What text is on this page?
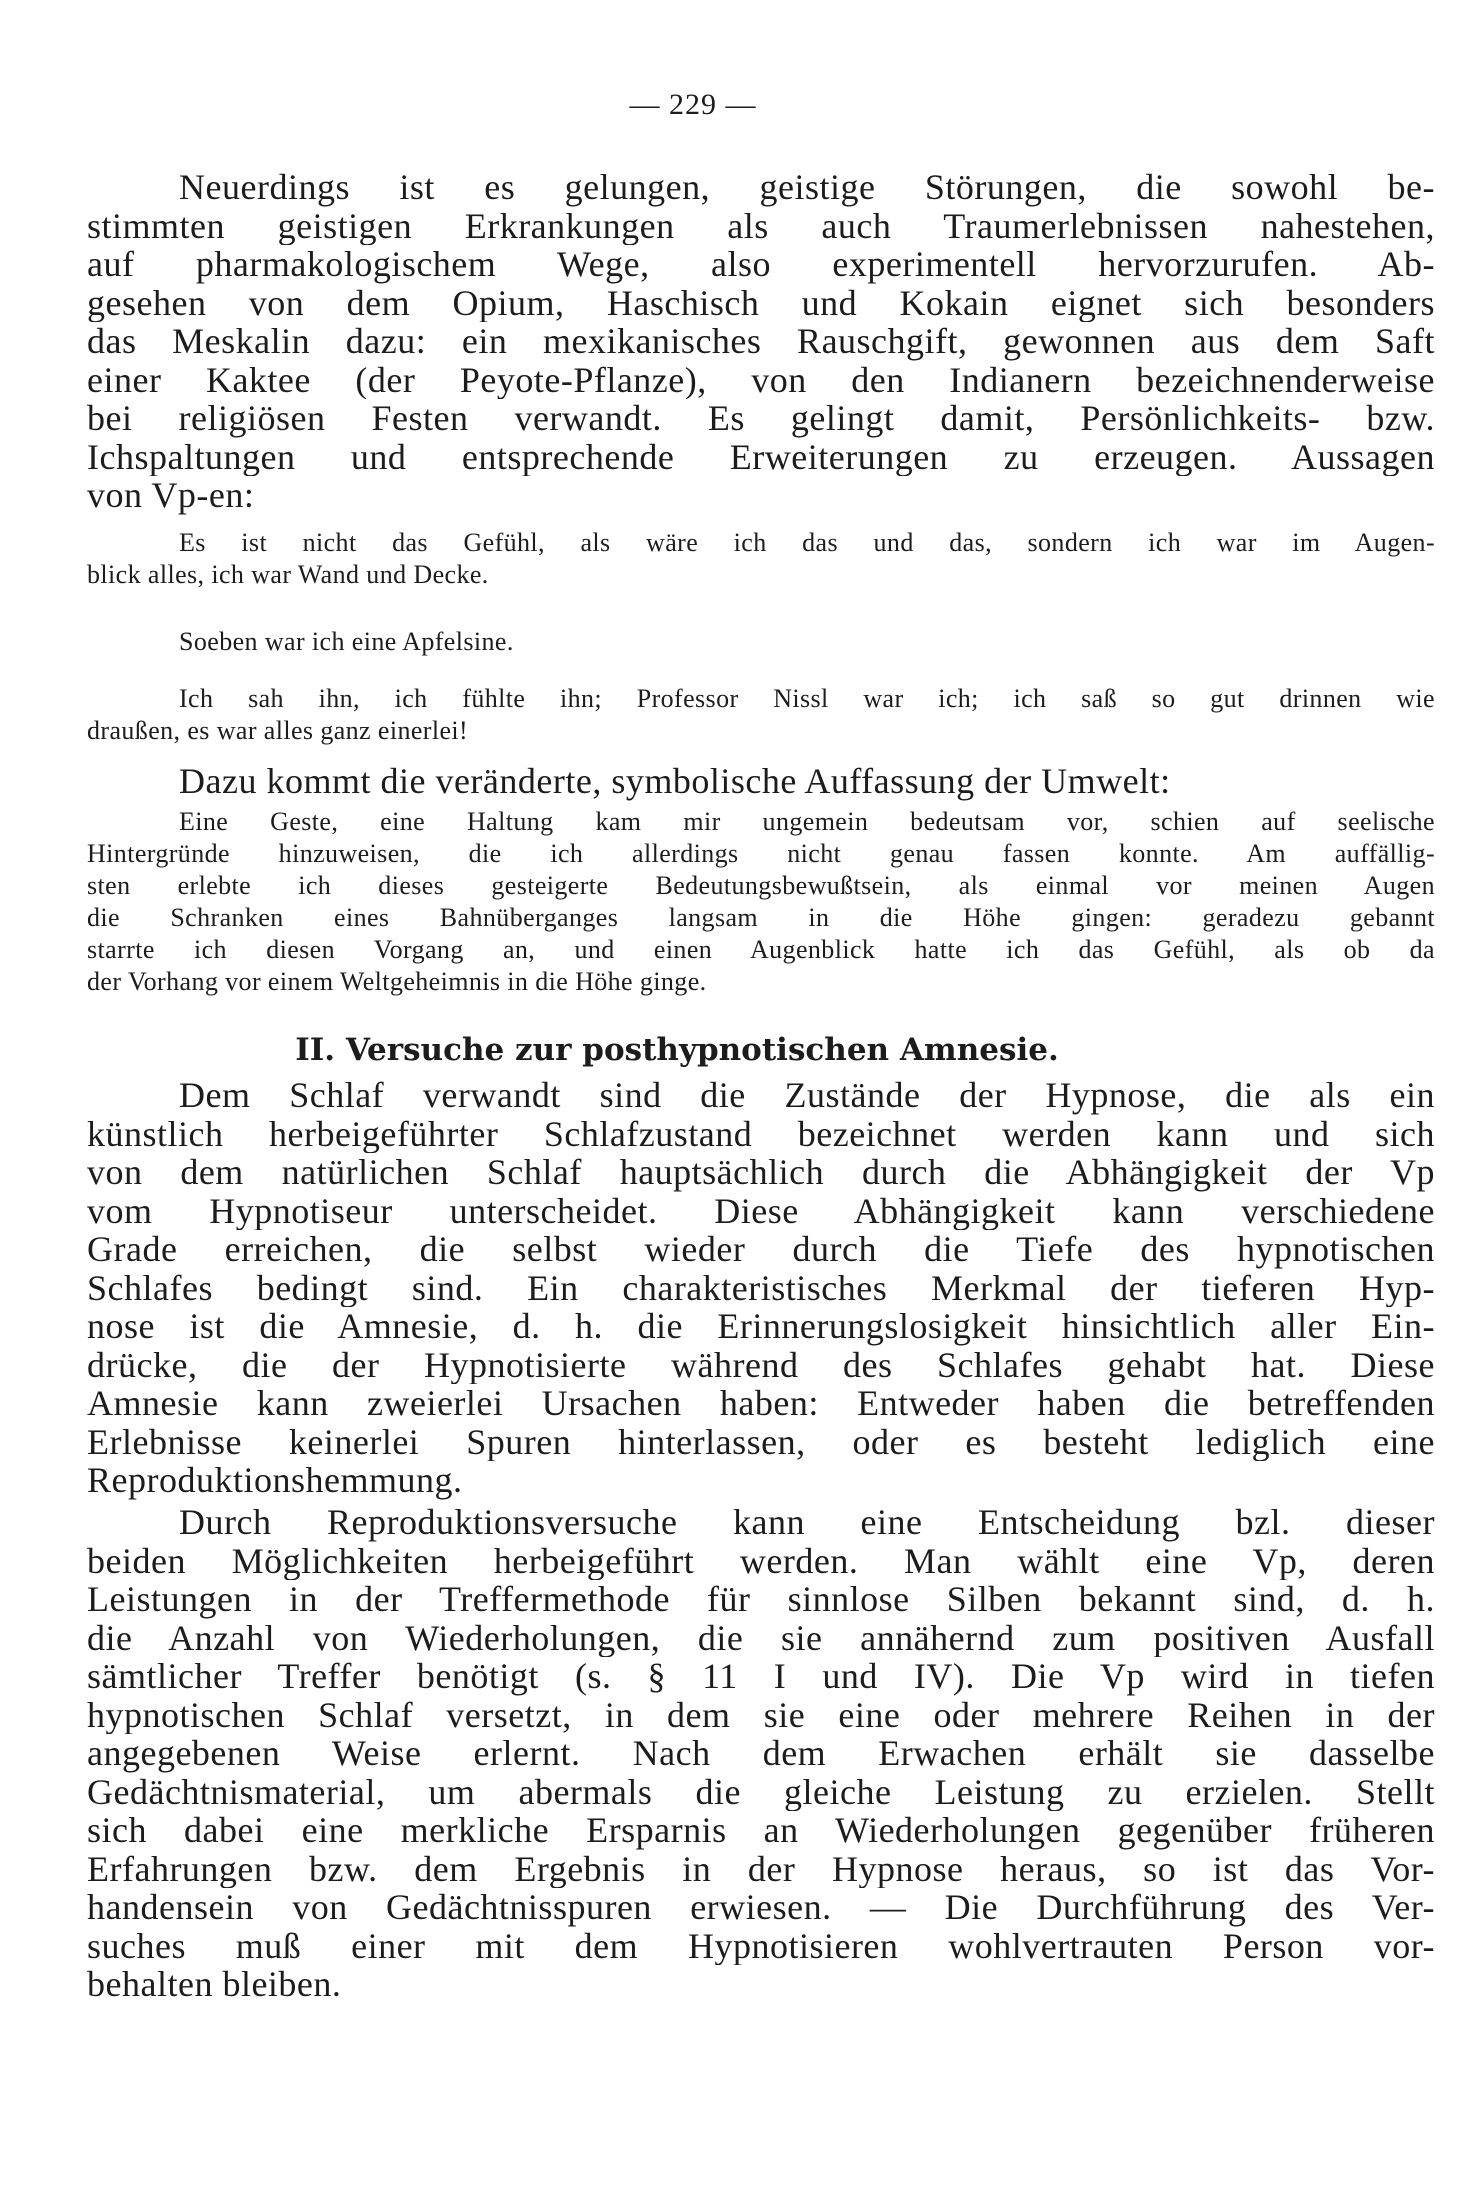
— 229 —
Neuerdings ist es gelungen, geistige Störungen, die sowohl be-
stimmten geistigen Erkrankungen als auch Traumerlebnissen nahestehen,
auf pharmakologischem Wege, also experimentell hervorzurufen. Ab-
gesehen von dem Opium, Haschisch und Kokain eignet sich besonders
das Meskalin dazu: ein mexikanisches Rauschgift, gewonnen aus dem Saft
einer Kaktee (der Peyote-Pflanze), von den Indianern bezeichnenderweise
bei religiösen Festen verwandt. Es gelingt damit, Persönlichkeits- bzw.
Ichspaltungen und entsprechende Erweiterungen zu erzeugen. Aussagen
von Vp-en:
Es ist nicht das Gefühl, als wäre ich das und das, sondern ich war im Augen-
blick alles, ich war Wand und Decke.
Soeben war ich eine Apfelsine.
Ich sah ihn, ich fühlte ihn; Professor Nissl war ich; ich saß so gut drinnen wie
draußen, es war alles ganz einerlei!
Dazu kommt die veränderte, symbolische Auffassung der Umwelt:
Eine Geste, eine Haltung kam mir ungemein bedeutsam vor, schien auf seelische
Hintergründe hinzuweisen, die ich allerdings nicht genau fassen konnte. Am auffällig-
sten erlebte ich dieses gesteigerte Bedeutungsbewußtsein, als einmal vor meinen Augen
die Schranken eines Bahnüberganges langsam in die Höhe gingen: geradezu gebannt
starrte ich diesen Vorgang an, und einen Augenblick hatte ich das Gefühl, als ob da
der Vorhang vor einem Weltgeheimnis in die Höhe ginge.
II. Versuche zur posthypnotischen Amnesie.
Dem Schlaf verwandt sind die Zustände der Hypnose, die als ein
künstlich herbeigeführter Schlafzustand bezeichnet werden kann und sich
von dem natürlichen Schlaf hauptsächlich durch die Abhängigkeit der Vp
vom Hypnotiseur unterscheidet. Diese Abhängigkeit kann verschiedene
Grade erreichen, die selbst wieder durch die Tiefe des hypnotischen
Schlafes bedingt sind. Ein charakteristisches Merkmal der tieferen Hyp-
nose ist die Amnesie, d. h. die Erinnerungslosigkeit hinsichtlich aller Ein-
drücke, die der Hypnotisierte während des Schlafes gehabt hat. Diese
Amnesie kann zweierlei Ursachen haben: Entweder haben die betreffenden
Erlebnisse keinerlei Spuren hinterlassen, oder es besteht lediglich eine
Reproduktionshemmung.
Durch Reproduktionsversuche kann eine Entscheidung bzl. dieser
beiden Möglichkeiten herbeigeführt werden. Man wählt eine Vp, deren
Leistungen in der Treffermethode für sinnlose Silben bekannt sind, d. h.
die Anzahl von Wiederholungen, die sie annähernd zum positiven Ausfall
sämtlicher Treffer benötigt (s. § 11 I und IV). Die Vp wird in tiefen
hypnotischen Schlaf versetzt, in dem sie eine oder mehrere Reihen in der
angegebenen Weise erlernt. Nach dem Erwachen erhält sie dasselbe
Gedächtnismaterial, um abermals die gleiche Leistung zu erzielen. Stellt
sich dabei eine merkliche Ersparnis an Wiederholungen gegenüber früheren
Erfahrungen bzw. dem Ergebnis in der Hypnose heraus, so ist das Vor-
handensein von Gedächtnisspuren erwiesen. — Die Durchführung des Ver-
suches muß einer mit dem Hypnotisieren wohlvertrauten Person vor-
behalten bleiben.
